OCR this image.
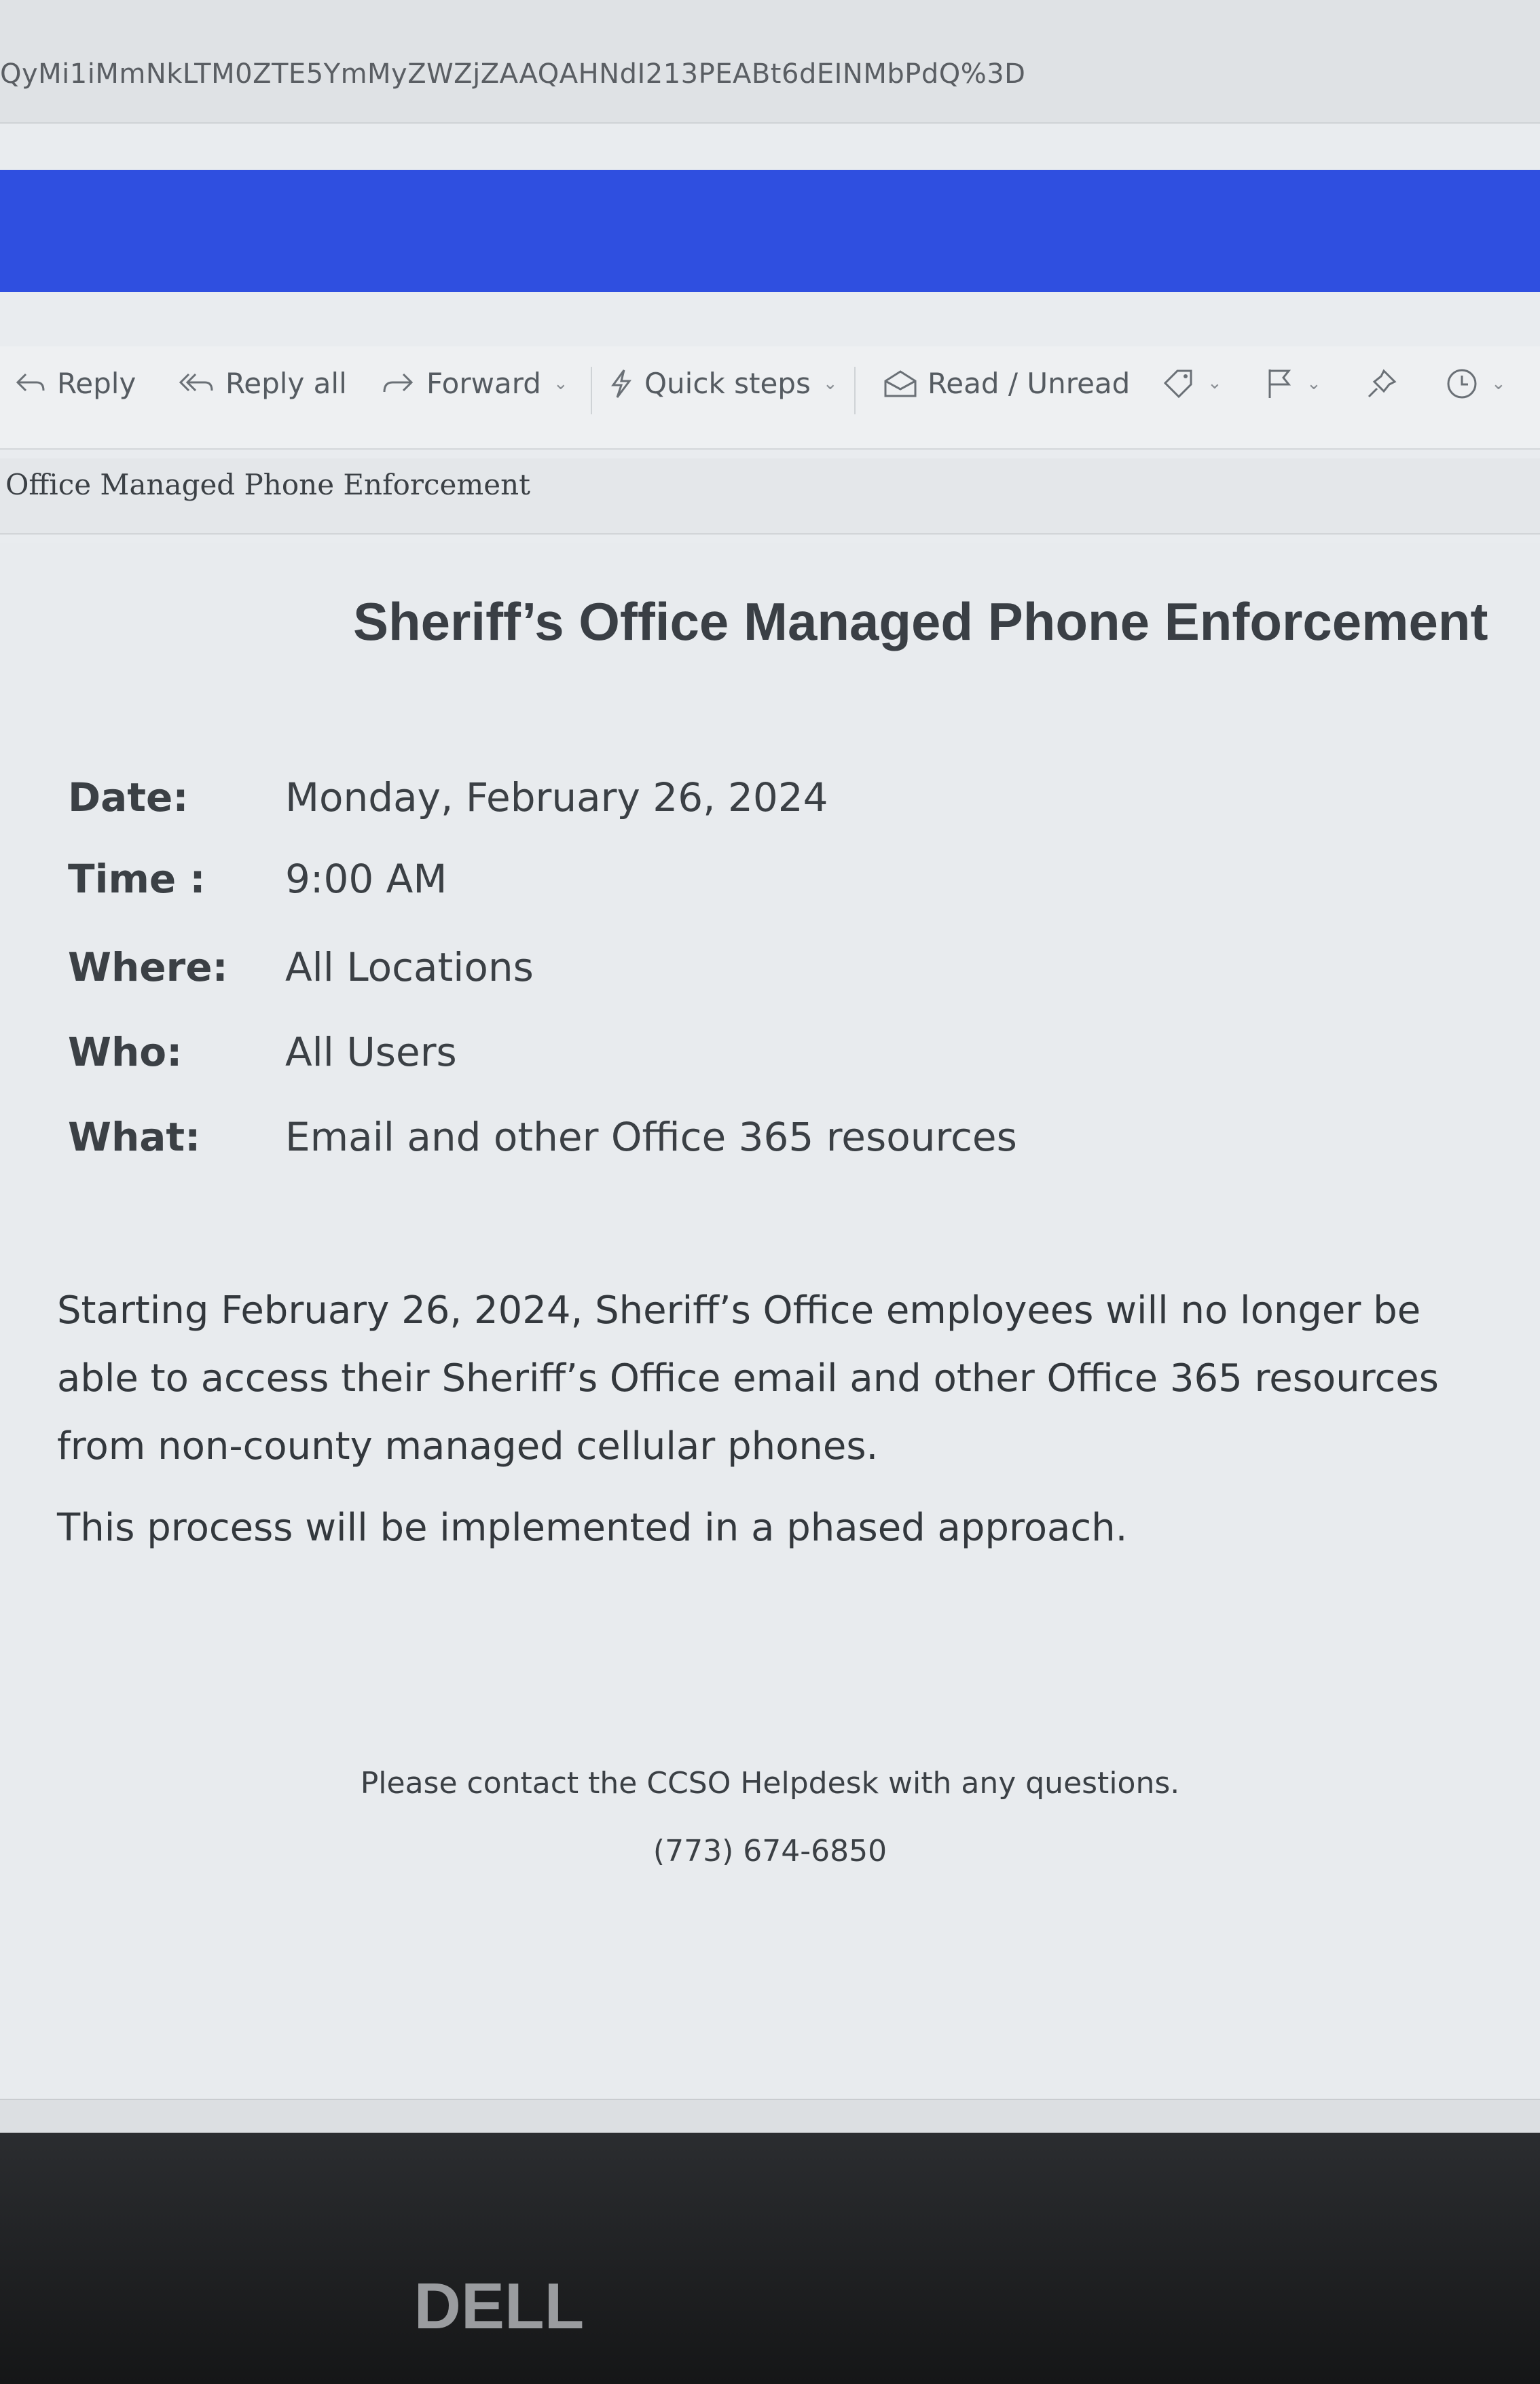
QyMi1iMmNkLTM0ZTE5YmMyZWZjZAAQAHNdI213PEABt6dEINMbPdQ%3D
Reply	Reply all	Forward ⌄	Quick steps ⌄	Read / Unread	⌄	⌄	⌄
Office Managed Phone Enforcement
Sheriff’s Office Managed Phone Enforcement
Date: Monday, February 26, 2024
Time : 9:00 AM
Where: All Locations
Who:	All Users
What: Email and other Office 365 resources
Starting February 26, 2024, Sheriff’s Office employees will no longer be able to access their Sheriff’s Office email and other Office 365 resources from non-county managed cellular phones.
This process will be implemented in a phased approach.
Please contact the CCSO Helpdesk with any questions.
(773) 674-6850
DELL
